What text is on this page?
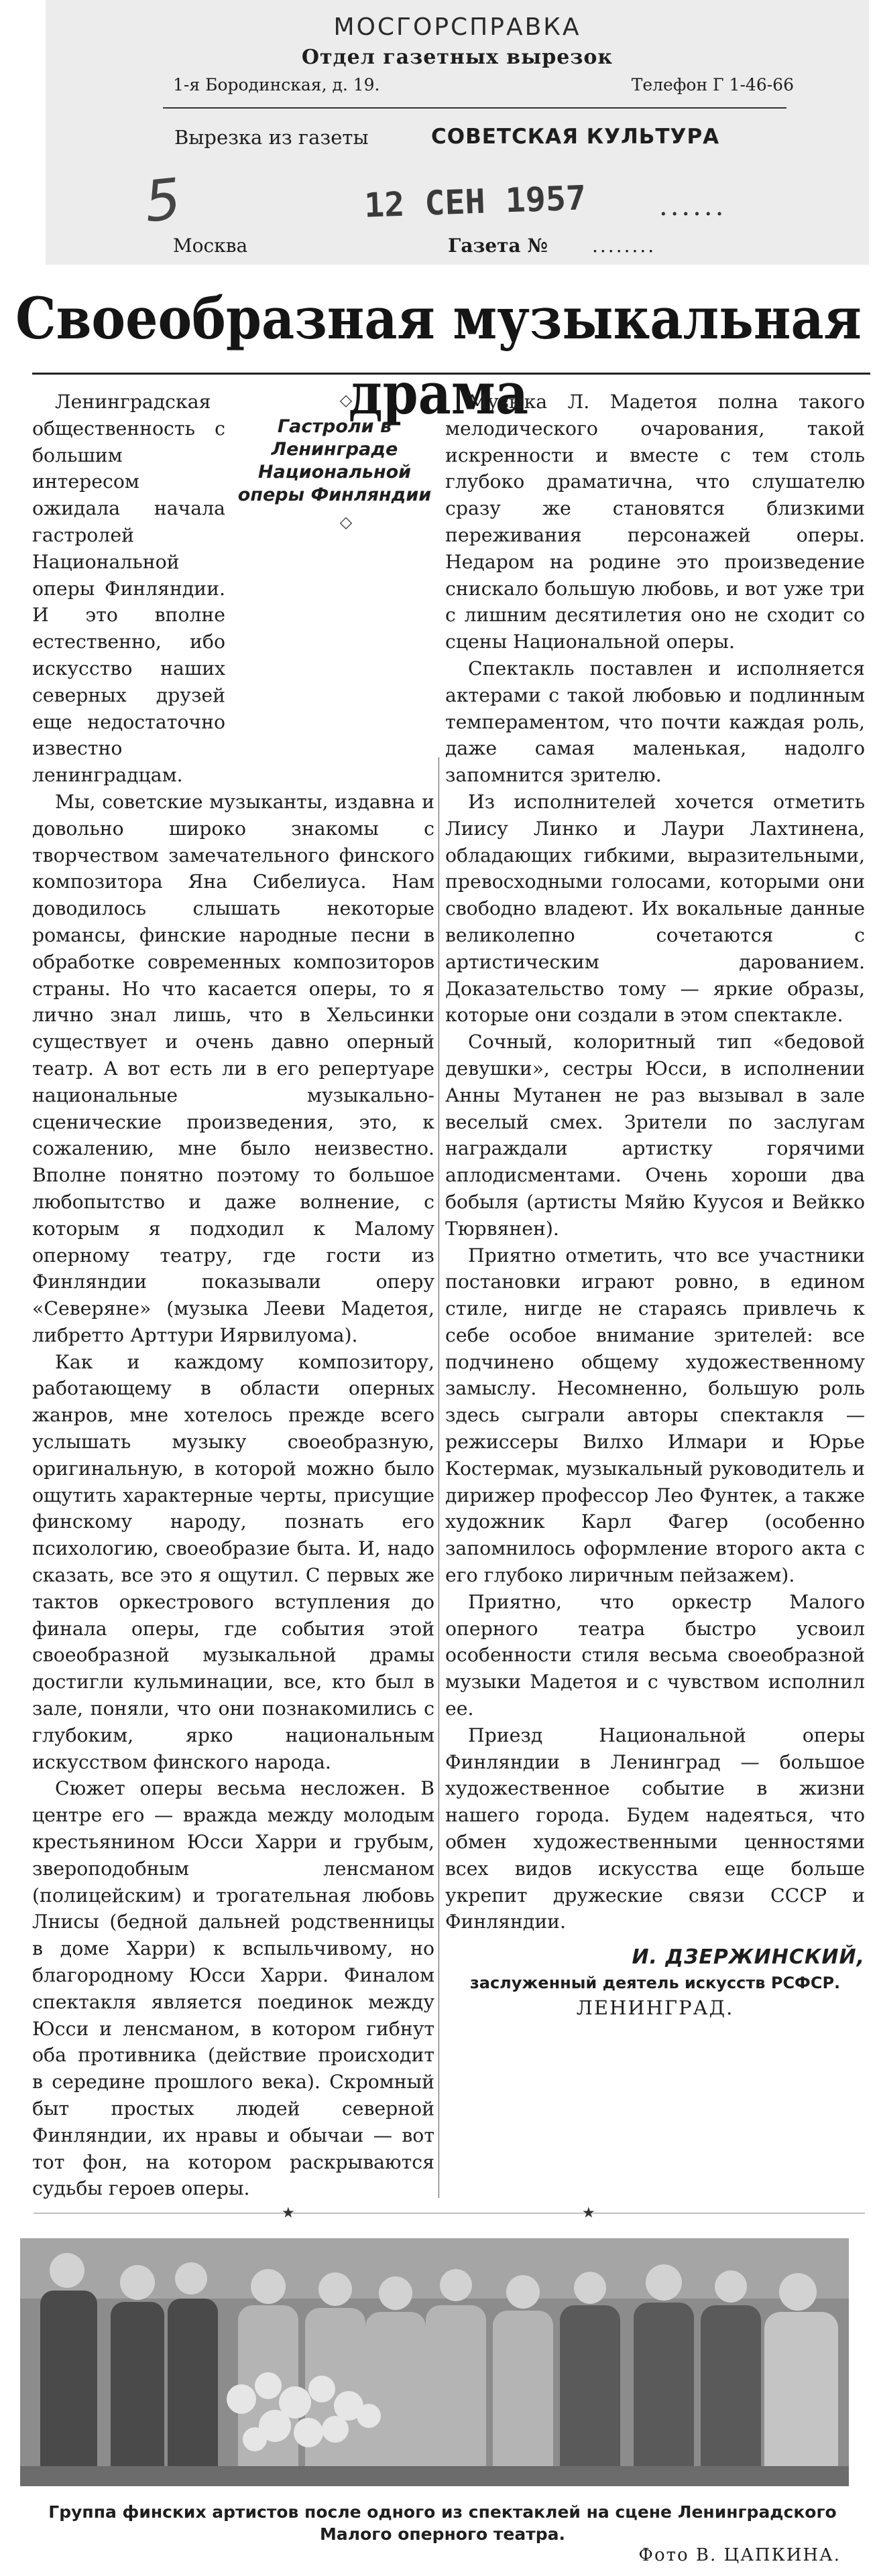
МОСГОРСПРАВКА
Отдел газетных вырезок
1-я Бородинская, д. 19.	Телефон Г 1-46-66
Вырезка из газеты	СОВЕТСКАЯ КУЛЬТУРА
5	12 СЕН 1957	......
Москва	Газета № ........
Своеобразная музыкальная драма

◇

Гастроли в Ленинграде Национальной оперы Финляндии

◇

Ленинградская общественность с большим интересом ожидала начала гастролей Национальной оперы Финляндии. И это вполне естественно, ибо искусство наших северных друзей еще недостаточно известно ленинградцам.

Мы, советские музыканты, издавна и довольно широко знакомы с творчеством замечательного финского композитора Яна Сибелиуса. Нам доводилось слышать некоторые романсы, финские народные песни в обработке современных композиторов страны. Но что касается оперы, то я лично знал лишь, что в Хельсинки существует и очень давно оперный театр. А вот есть ли в его репертуаре национальные музыкально-сценические произведения, это, к сожалению, мне было неизвестно. Вполне понятно поэтому то большое любопытство и даже волнение, с которым я подходил к Малому оперному театру, где гости из Финляндии показывали оперу «Северяне» (музыка Лееви Мадетоя, либретто Арттури Иярвилуома).

Как и каждому композитору, работающему в области оперных жанров, мне хотелось прежде всего услышать музыку своеобразную, оригинальную, в которой можно было ощутить характерные черты, присущие финскому народу, познать его психологию, своеобразие быта. И, надо сказать, все это я ощутил. С первых же тактов оркестрового вступления до финала оперы, где события этой своеобразной музыкальной драмы достигли кульминации, все, кто был в зале, поняли, что они познакомились с глубоким, ярко национальным искусством финского народа.

Сюжет оперы весьма несложен. В центре его — вражда между молодым крестьянином Юсси Харри и грубым, звероподобным ленсманом (полицейским) и трогательная любовь Лнисы (бедной дальней родственницы в доме Харри) к вспыльчивому, но благородному Юсси Харри. Финалом спектакля является поединок между Юсси и ленсманом, в котором гибнут оба противника (действие происходит в середине прошлого века). Скромный быт простых людей северной Финляндии, их нравы и обычаи — вот тот фон, на котором раскрываются судьбы героев оперы.

Музыка Л. Мадетоя полна такого мелодического очарования, такой искренности и вместе с тем столь глубоко драматична, что слушателю сразу же становятся близкими переживания персонажей оперы. Недаром на родине это произведение снискало большую любовь, и вот уже три с лишним десятилетия оно не сходит со сцены Национальной оперы.

Спектакль поставлен и исполняется актерами с такой любовью и подлинным темпераментом, что почти каждая роль, даже самая маленькая, надолго запомнится зрителю.

Из исполнителей хочется отметить Лиису Линко и Лаури Лахтинена, обладающих гибкими, выразительными, превосходными голосами, которыми они свободно владеют. Их вокальные данные великолепно сочетаются с артистическим дарованием. Доказательство тому — яркие образы, которые они создали в этом спектакле.

Сочный, колоритный тип «бедовой девушки», сестры Юсси, в исполнении Анны Мутанен не раз вызывал в зале веселый смех. Зрители по заслугам награждали артистку горячими аплодисментами. Очень хороши два бобыля (артисты Мяйю Куусоя и Вейкко Тюрвянен).

Приятно отметить, что все участники постановки играют ровно, в едином стиле, нигде не стараясь привлечь к себе особое внимание зрителей: все подчинено общему художественному замыслу. Несомненно, большую роль здесь сыграли авторы спектакля — режиссеры Вилхо Илмари и Юрье Костермак, музыкальный руководитель и дирижер профессор Лео Фунтек, а также художник Карл Фагер (особенно запомнилось оформление второго акта с его глубоко лиричным пейзажем).

Приятно, что оркестр Малого оперного театра быстро усвоил особенности стиля весьма своеобразной музыки Мадетоя и с чувством исполнил ее.

Приезд Национальной оперы Финляндии в Ленинград — большое художественное событие в жизни нашего города. Будем надеяться, что обмен художественными ценностями всех видов искусства еще больше укрепит дружеские связи СССР и Финляндии.

И. ДЗЕРЖИНСКИЙ,
заслуженный деятель искусств РСФСР.
ЛЕНИНГРАД.
★	★
Группа финских артистов после одного из спектаклей на сцене Ленинградского Малого оперного театра.
Фото В. ЦАПКИНА.
